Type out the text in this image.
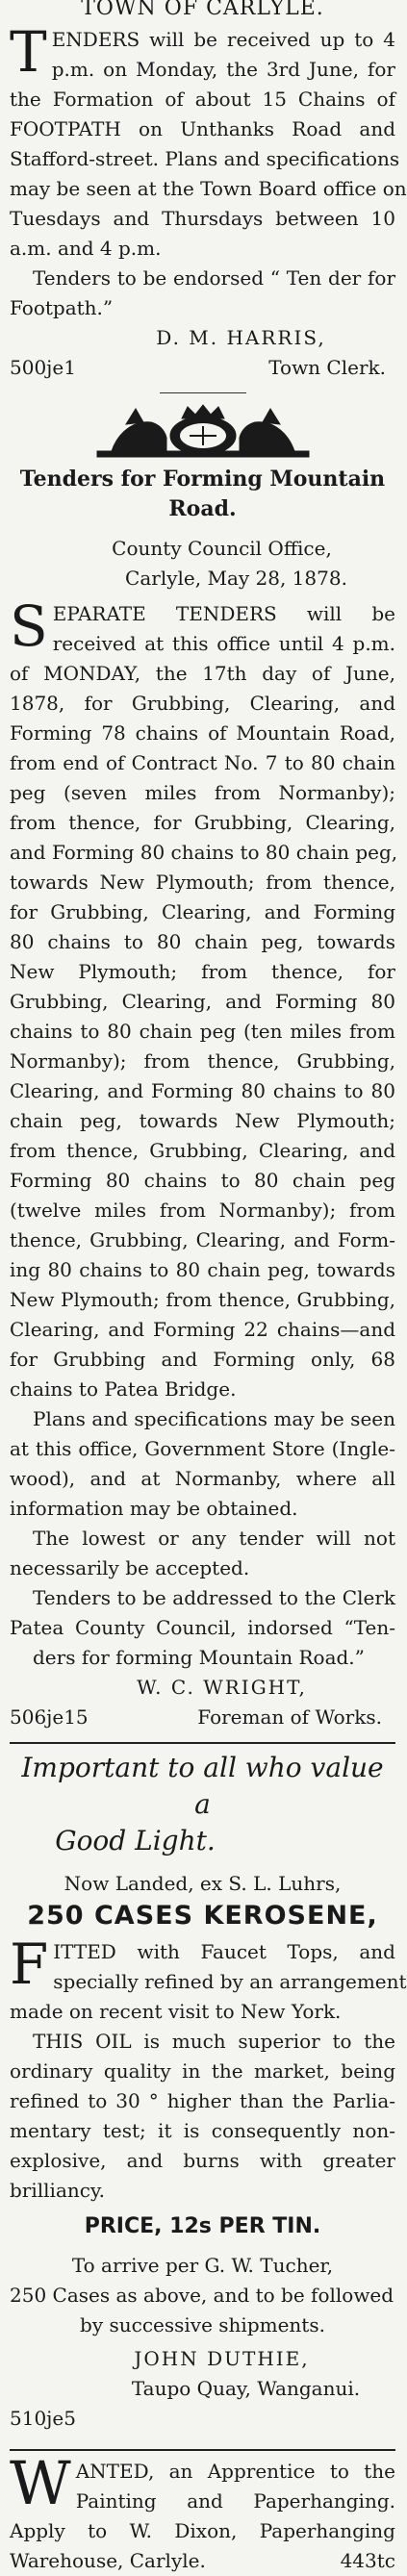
TOWN OF CARLYLE.
T ENDERS will be received up to 4
p.m. on Monday, the 3rd June, for
the Formation of about 15 Chains of
FOOTPATH on Unthanks Road and
Stafford-street. Plans and specifications
may be seen at the Town Board office on
Tuesdays and Thursdays between 10
a.m. and 4 p.m.
Tenders to be endorsed “ Ten der for
Footpath.”
D. M. HARRIS,
500je1	Town Clerk.
Tenders for Forming Mountain
Road.
County Council Office,
Carlyle, May 28, 1878.
S EPARATE TENDERS will be
received at this office until 4 p.m.
of MONDAY, the 17th day of June,
1878, for Grubbing, Clearing, and
Forming 78 chains of Mountain Road,
from end of Contract No. 7 to 80 chain
peg (seven miles from Normanby);
from thence, for Grubbing, Clearing,
and Forming 80 chains to 80 chain peg,
towards New Plymouth; from thence,
for Grubbing, Clearing, and Forming
80 chains to 80 chain peg, towards
New Plymouth; from thence, for
Grubbing, Clearing, and Forming 80
chains to 80 chain peg (ten miles from
Normanby); from thence, Grubbing,
Clearing, and Forming 80 chains to 80
chain peg, towards New Plymouth;
from thence, Grubbing, Clearing, and
Forming 80 chains to 80 chain peg
(twelve miles from Normanby); from
thence, Grubbing, Clearing, and Form-
ing 80 chains to 80 chain peg, towards
New Plymouth; from thence, Grubbing,
Clearing, and Forming 22 chains—and
for Grubbing and Forming only, 68
chains to Patea Bridge.
Plans and specifications may be seen
at this office, Government Store (Ingle-
wood), and at Normanby, where all
information may be obtained.
The lowest or any tender will not
necessarily be accepted.
Tenders to be addressed to the Clerk
Patea County Council, indorsed “Ten-
ders for forming Mountain Road.”
W. C. WRIGHT,
506je15	Foreman of Works.
Important to all who value a
Good Light.
Now Landed, ex S. L. Luhrs,
250 CASES KEROSENE,
F ITTED with Faucet Tops, and
specially refined by an arrangement
made on recent visit to New York.
THIS OIL is much superior to the
ordinary quality in the market, being
refined to 30 ° higher than the Parlia-
mentary test; it is consequently non-
explosive, and burns with greater
brilliancy.
PRICE, 12s PER TIN.
To arrive per G. W. Tucher,
250 Cases as above, and to be followed
by successive shipments.
JOHN DUTHIE,
Taupo Quay, Wanganui.
510je5
W ANTED, an Apprentice to the
Painting and Paperhanging.
Apply to W. Dixon, Paperhanging
Warehouse, Carlyle.	443tc
